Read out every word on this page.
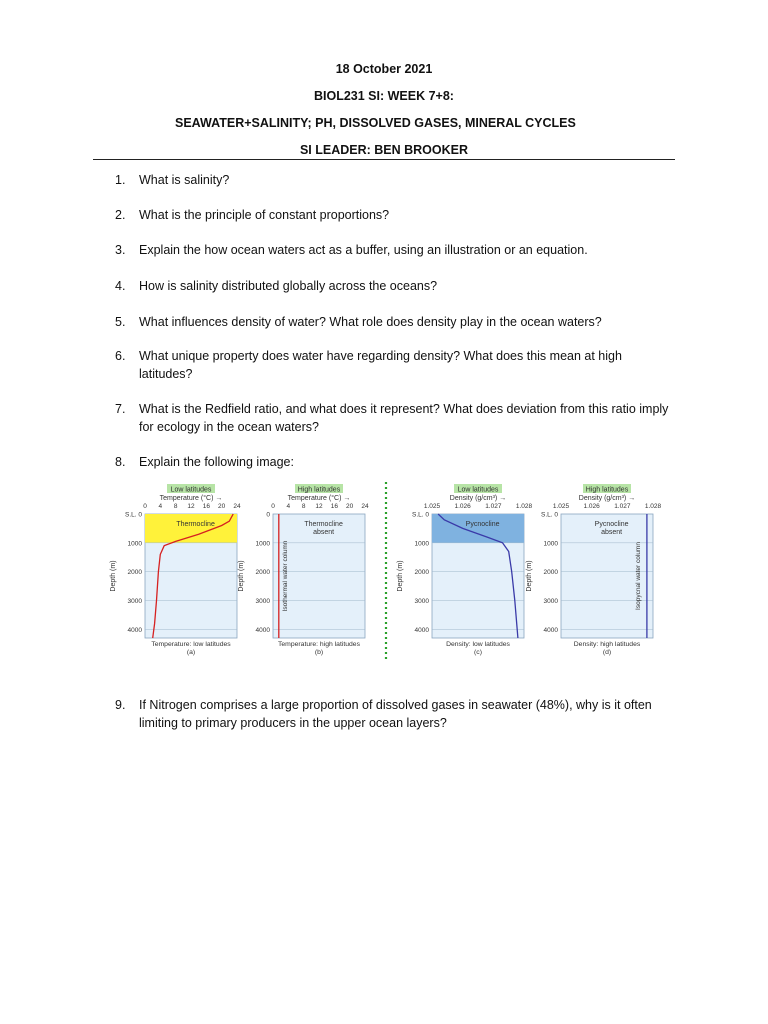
18 October 2021
BIOL231 SI: WEEK 7+8:
SEAWATER+SALINITY; PH, DISSOLVED GASES, MINERAL CYCLES
SI LEADER: BEN BROOKER
1.	What is salinity?
2.	What is the principle of constant proportions?
3.	Explain the how ocean waters act as a buffer, using an illustration or an equation.
4.	How is salinity distributed globally across the oceans?
5.	What influences density of water? What role does density play in the ocean waters?
6.	What unique property does water have regarding density? What does this mean at high latitudes?
7.	What is the Redfield ratio, and what does it represent? What does deviation from this ratio imply for ecology in the ocean waters?
8.	Explain the following image:
Low latitudes
Temperature (°C) →
0 4 8 12 16 20 24
S.L. 0
1000
2000
3000
4000
Depth (m)
Thermocline
Temperature: low latitudes
(a)
High latitudes
Temperature (°C) →
0 4 8 12 16 20 24
0
1000
2000
3000
4000
Depth (m)
Thermocline
absent
Isothermal water column
Temperature: high latitudes
(b)
Low latitudes
Density (g/cm³) →
1.025 1.026 1.027 1.028
S.L. 0
1000
2000
3000
4000
Depth (m)
Pycnocline
Density: low latitudes
(c)
High latitudes
Density (g/cm³) →
1.025 1.026 1.027 1.028
S.L. 0
1000
2000
3000
4000
Depth (m)
Pycnocline
absent
Isopycnal water column
Density: high latitudes
(d)
9.	If Nitrogen comprises a large proportion of dissolved gases in seawater (48%), why is it often limiting to primary producers in the upper ocean layers?
